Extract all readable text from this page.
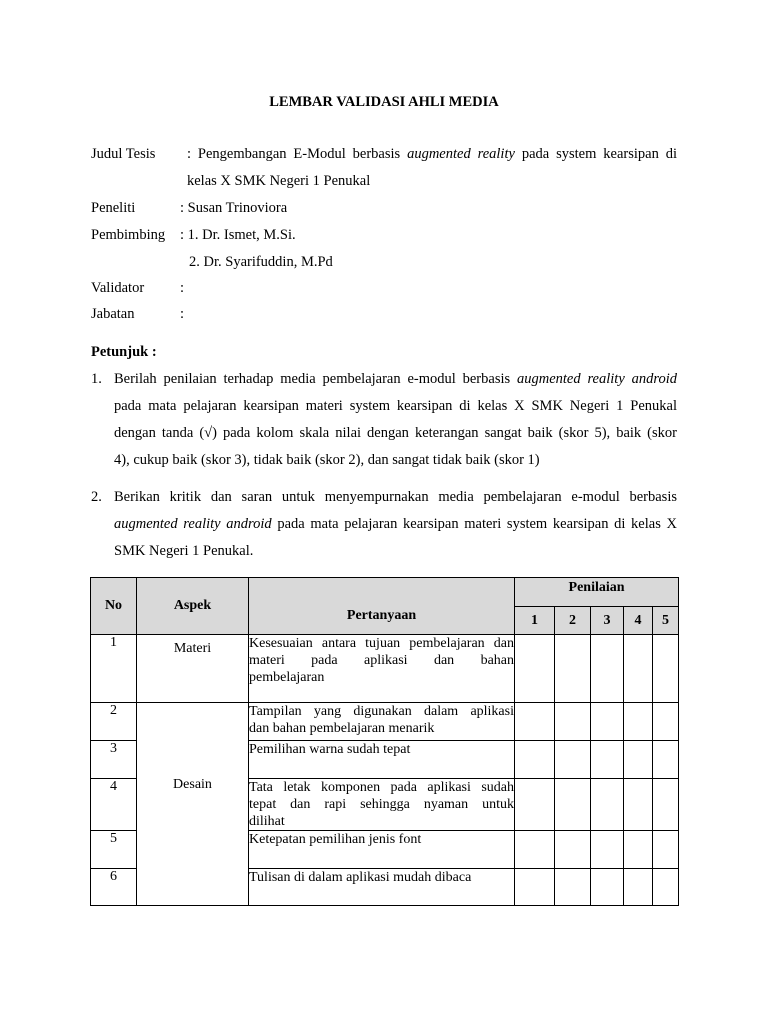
LEMBAR VALIDASI AHLI MEDIA
Judul Tesis : Pengembangan E-Modul berbasis augmented reality pada system kearsipan di
kelas X SMK Negeri 1 Penukal
Peneliti	: Susan Trinoviora
Pembimbing : 1. Dr. Ismet, M.Si.
2. Dr. Syarifuddin, M.Pd
Validator :
Jabatan	:
Petunjuk :
1. Berilah penilaian terhadap media pembelajaran e-modul berbasis augmented reality android
pada mata pelajaran kearsipan materi system kearsipan di kelas X SMK Negeri 1 Penukal
dengan tanda (√) pada kolom skala nilai dengan keterangan sangat baik (skor 5), baik (skor
4), cukup baik (skor 3), tidak baik (skor 2), dan sangat tidak baik (skor 1)
2. Berikan kritik dan saran untuk menyempurnakan media pembelajaran e-modul berbasis
augmented reality android pada mata pelajaran kearsipan materi system kearsipan di kelas X
SMK Negeri 1 Penukal.
No	Aspek	Pertanyaan	Penilaian				
			1	2	3	4	5
1	Materi	Kesesuaian antara tujuan pembelajaran dan
materi pada aplikasi dan bahan
pembelajaran					

2	Desain	Tampilan yang digunakan dalam aplikasi
dan bahan pembelajaran menarik					

3		Pemilihan warna sudah tepat					

4		Tata letak komponen pada aplikasi sudah
tepat dan rapi sehingga nyaman untuk
dilihat					

5		Ketepatan pemilihan jenis font					

6		Tulisan di dalam aplikasi mudah dibaca					
